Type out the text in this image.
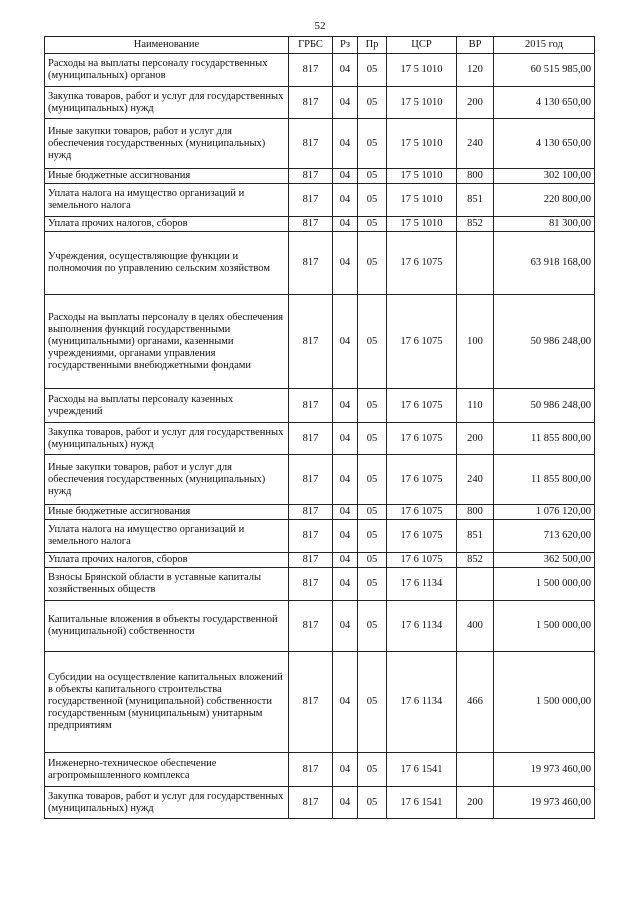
52
Наименование	ГРБС	Рз	Пр	ЦСР	ВР	2015 год
Расходы на выплаты персоналу государственных (муниципальных) органов	817	04	05	17 5 1010	120	60 515 985,00
Закупка товаров, работ и услуг для государственных (муниципальных) нужд	817	04	05	17 5 1010	200	4 130 650,00
Иные закупки товаров, работ и услуг для обеспечения государственных (муниципальных) нужд	817	04	05	17 5 1010	240	4 130 650,00
Иные бюджетные ассигнования	817	04	05	17 5 1010	800	302 100,00
Уплата налога на имущество организаций и земельного налога	817	04	05	17 5 1010	851	220 800,00
Уплата прочих налогов, сборов	817	04	05	17 5 1010	852	81 300,00
Учреждения, осуществляющие функции и полномочия по управлению сельским хозяйством	817	04	05	17 6 1075		63 918 168,00
Расходы на выплаты персоналу в целях обеспечения выполнения функций государственными (муниципальными) органами, казенными учреждениями, органами управления государственными внебюджетными фондами	817	04	05	17 6 1075	100	50 986 248,00
Расходы на выплаты персоналу казенных учреждений	817	04	05	17 6 1075	110	50 986 248,00
Закупка товаров, работ и услуг для государственных (муниципальных) нужд	817	04	05	17 6 1075	200	11 855 800,00
Иные закупки товаров, работ и услуг для обеспечения государственных (муниципальных) нужд	817	04	05	17 6 1075	240	11 855 800,00
Иные бюджетные ассигнования	817	04	05	17 6 1075	800	1 076 120,00
Уплата налога на имущество организаций и земельного налога	817	04	05	17 6 1075	851	713 620,00
Уплата прочих налогов, сборов	817	04	05	17 6 1075	852	362 500,00
Взносы Брянской области в уставные капиталы хозяйственных обществ	817	04	05	17 6 1134		1 500 000,00
Капитальные вложения в объекты государственной (муниципальной) собственности	817	04	05	17 6 1134	400	1 500 000,00
Субсидии на осуществление капитальных вложений в объекты капитального строительства государственной (муниципальной) собственности государственным (муниципальным) унитарным предприятиям	817	04	05	17 6 1134	466	1 500 000,00
Инженерно-техническое обеспечение агропромышленного комплекса	817	04	05	17 6 1541		19 973 460,00
Закупка товаров, работ и услуг для государственных (муниципальных) нужд	817	04	05	17 6 1541	200	19 973 460,00
